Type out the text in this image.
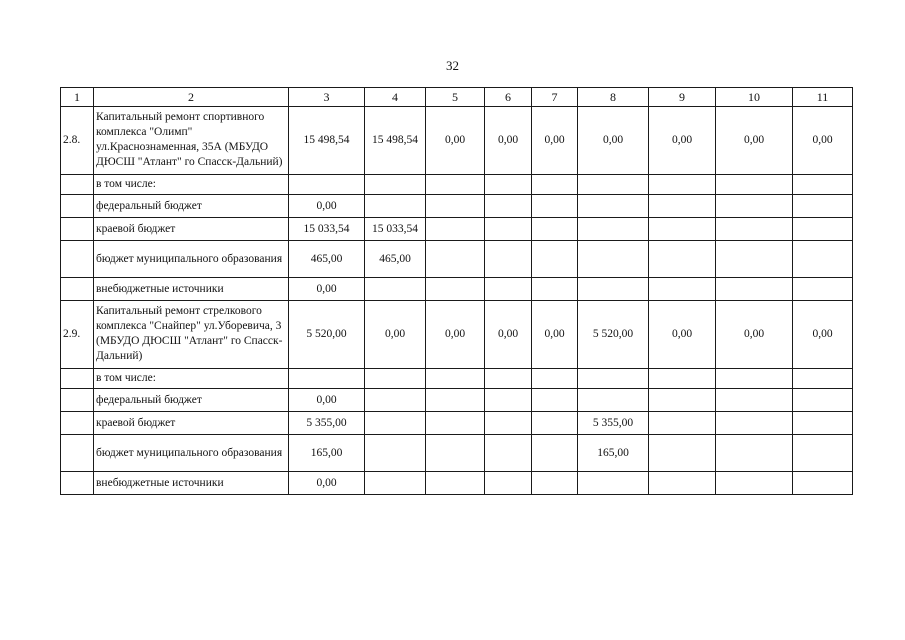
32
1	2	3	4	5	6	7	8	9	10	11
2.8.	Капитальный ремонт спортивного комплекса "Олимп" ул.Краснознаменная, 35А (МБУДО ДЮСШ "Атлант" го Спасск-Дальний)	15 498,54	15 498,54	0,00	0,00	0,00	0,00	0,00	0,00	0,00
	в том числе:									
	федеральный бюджет	0,00								
	краевой бюджет	15 033,54	15 033,54							
	бюджет муниципального образования	465,00	465,00							
	внебюджетные источники	0,00								
2.9.	Капитальный ремонт стрелкового комплекса "Снайпер" ул.Уборевича, 3 (МБУДО ДЮСШ "Атлант" го Спасск-Дальний)	5 520,00	0,00	0,00	0,00	0,00	5 520,00	0,00	0,00	0,00
	в том числе:									
	федеральный бюджет	0,00								
	краевой бюджет	5 355,00					5 355,00			
	бюджет муниципального образования	165,00					165,00			
	внебюджетные источники	0,00								
